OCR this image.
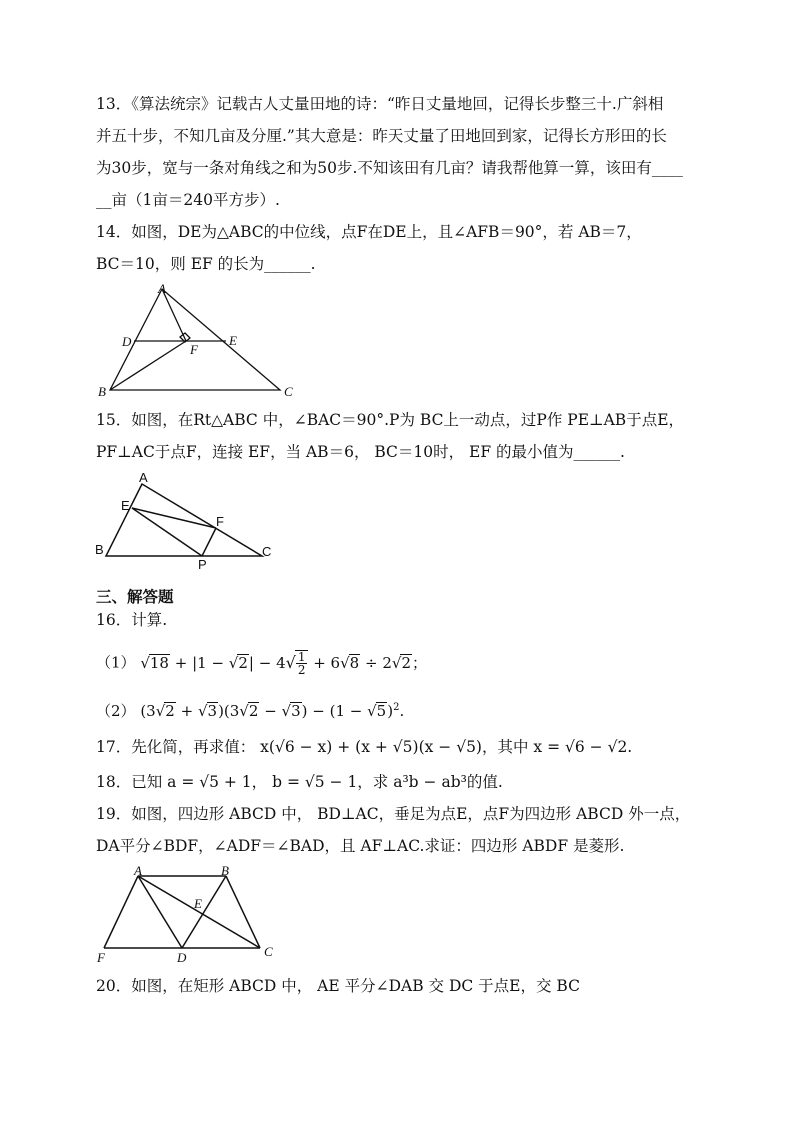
13．《算法统宗》记载古人丈量田地的诗：“昨日丈量地回，记得长步整三十.广斜相
并五十步，不知几亩及分厘.”其大意是：昨天丈量了田地回到家，记得长方形田的长
为30步，宽与一条对角线之和为50步.不知该田有几亩？请我帮他算一算，该田有____
__亩（1亩＝240平方步）.
14．如图，DE为△ABC的中位线，点F在DE上，且∠AFB＝90°，若 AB＝7，
BC＝10，则 EF 的长为______.
A
D
F
E
B	C
15．如图，在Rt△ABC 中，∠BAC＝90°.P为 BC上一动点，过P作 PE⊥AB于点E，
PF⊥AC于点F，连接 EF，当 AB＝6， BC＝10时， EF 的最小值为______.
A
E
F
B
P
C
三、解答题
16．计算.
（1） $√18 + |1 - √2| - 4√ \frac{1}{2} + 6√8 \div 2√2$；
（2） $(3√2 + √3)(3√2 - √3) - (1 - √5)^2$.
17．先化简，再求值： x(√6 − x) + (x + √5)(x − √5)，其中 x = √6 − √2.
18．已知 a = √5 + 1， b = √5 − 1，求 a³b − ab³的值.
19．如图，四边形 ABCD 中， BD⊥AC，垂足为点E，点F为四边形 ABCD 外一点，
DA平分∠BDF，∠ADF＝∠BAD，且 AF⊥AC.求证：四边形 ABDF 是菱形.
A	B
E
F	D	C
20．如图，在矩形 ABCD 中， AE 平分∠DAB 交 DC 于点E，交 BC
